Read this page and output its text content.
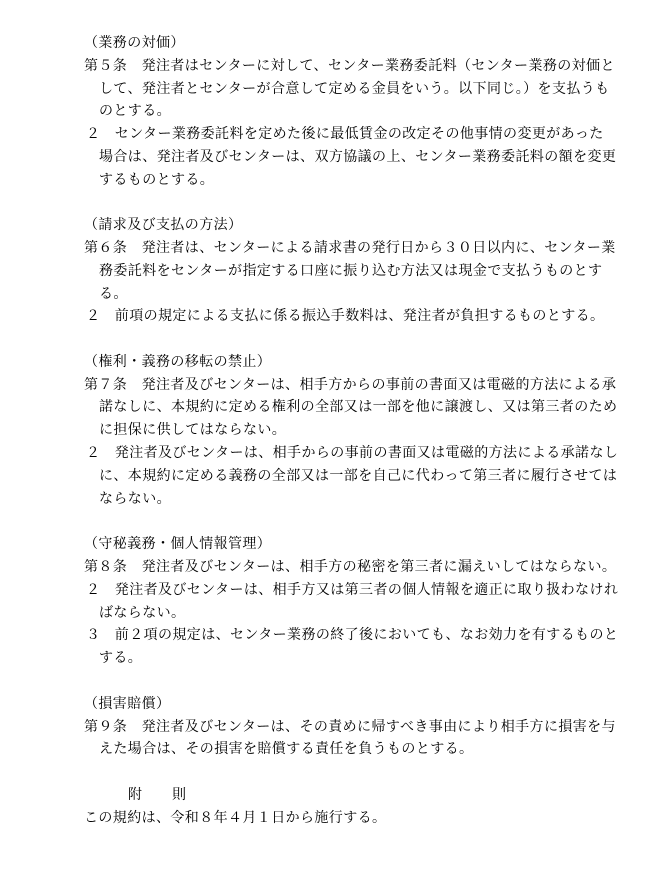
（業務の対価）
第５条　発注者はセンターに対して、センター業務委託料（センター業務の対価と
して、発注者とセンターが合意して定める金員をいう。以下同じ。）を支払うも
のとする。
２　センター業務委託料を定めた後に最低賃金の改定その他事情の変更があった
場合は、発注者及びセンターは、双方協議の上、センター業務委託料の額を変更
するものとする。
（請求及び支払の方法）
第６条　発注者は、センターによる請求書の発行日から３０日以内に、センター業
務委託料をセンターが指定する口座に振り込む方法又は現金で支払うものとす
る。
２　前項の規定による支払に係る振込手数料は、発注者が負担するものとする。
（権利・義務の移転の禁止）
第７条　発注者及びセンターは、相手方からの事前の書面又は電磁的方法による承
諾なしに、本規約に定める権利の全部又は一部を他に譲渡し、又は第三者のため
に担保に供してはならない。
２　発注者及びセンターは、相手からの事前の書面又は電磁的方法による承諾なし
に、本規約に定める義務の全部又は一部を自己に代わって第三者に履行させては
ならない。
（守秘義務・個人情報管理）
第８条　発注者及びセンターは、相手方の秘密を第三者に漏えいしてはならない。
２　発注者及びセンターは、相手方又は第三者の個人情報を適正に取り扱わなけれ
ばならない。
３　前２項の規定は、センター業務の終了後においても、なお効力を有するものと
する。
（損害賠償）
第９条　発注者及びセンターは、その責めに帰すべき事由により相手方に損害を与
えた場合は、その損害を賠償する責任を負うものとする。
附 則
この規約は、令和８年４月１日から施行する。
